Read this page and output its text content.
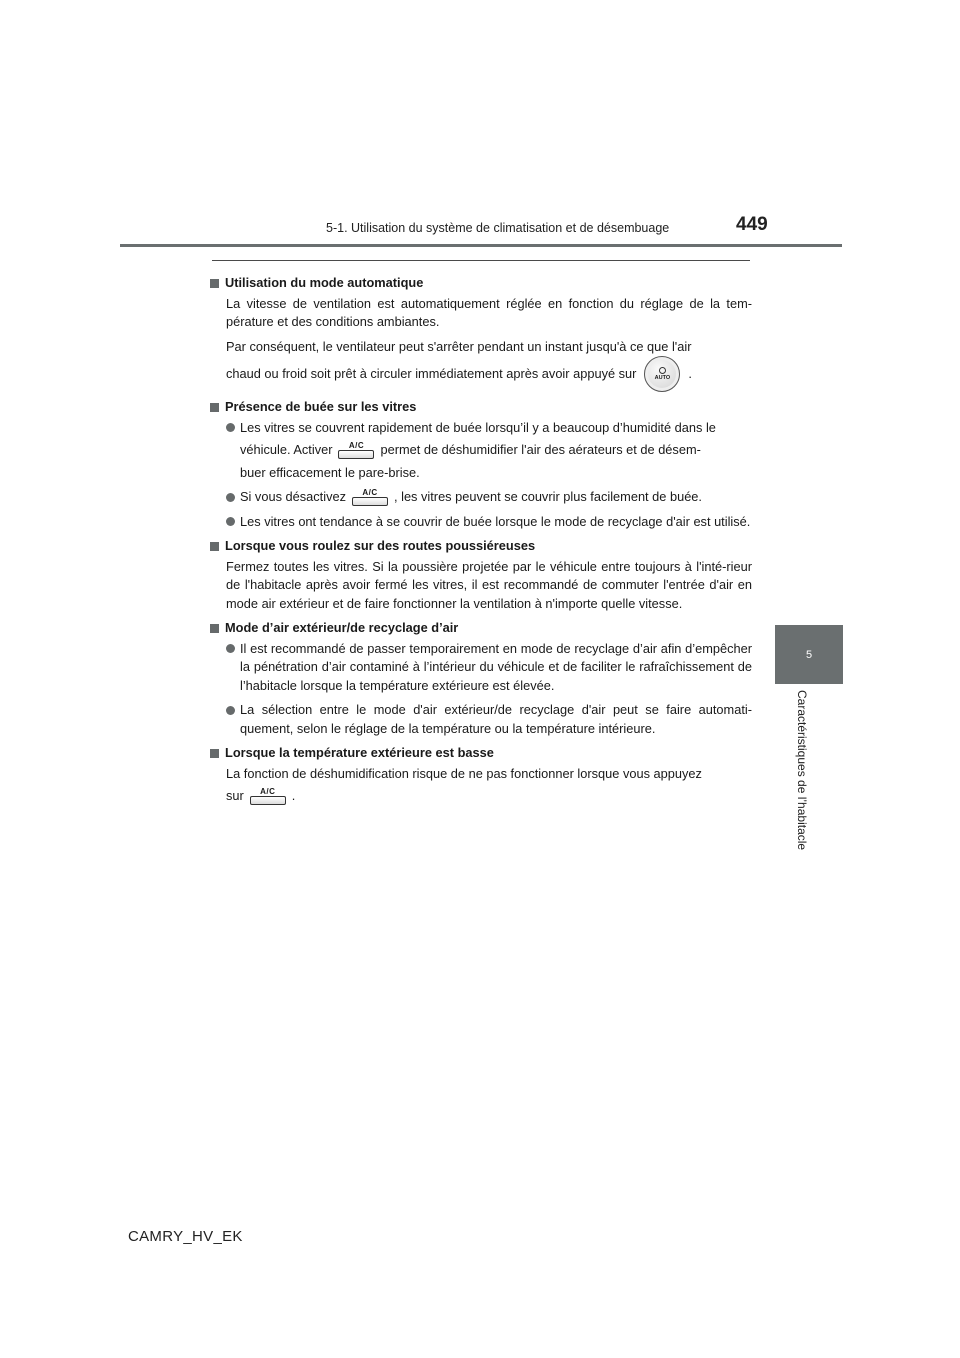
5-1. Utilisation du système de climatisation et de désembuage	449
5
Caractéristiques de l’habitacle
Utilisation du mode automatique

La vitesse de ventilation est automatiquement réglée en fonction du réglage de la tem-pérature et des conditions ambiantes.

Par conséquent, le ventilateur peut s'arrêter pendant un instant jusqu'à ce que l'air

chaud ou froid soit prêt à circuler immédiatement après avoir appuyé sur	AUTO .
Présence de buée sur les vitres
Les vitres se couvrent rapidement de buée lorsqu’il y a beaucoup d’humidité dans le
véhicule. Activer A/C permet de déshumidifier l'air des aérateurs et de désem-
buer efficacement le pare-brise.
Si vous désactivez A/C , les vitres peuvent se couvrir plus facilement de buée.
Les vitres ont tendance à se couvrir de buée lorsque le mode de recyclage d'air est utilisé.
Lorsque vous roulez sur des routes poussiéreuses

Fermez toutes les vitres. Si la poussière projetée par le véhicule entre toujours à l'inté-rieur de l'habitacle après avoir fermé les vitres, il est recommandé de commuter l'entrée d'air en mode air extérieur et de faire fonctionner la ventilation à n'importe quelle vitesse.

Mode d’air extérieur/de recyclage d’air
Il est recommandé de passer temporairement en mode de recyclage d’air afin d’empêcher la pénétration d’air contaminé à l’intérieur du véhicule et de faciliter le rafraîchissement de l’habitacle lorsque la température extérieure est élevée.
La sélection entre le mode d'air extérieur/de recyclage d'air peut se faire automati-quement, selon le réglage de la température ou la température intérieure.
Lorsque la température extérieure est basse

La fonction de déshumidification risque de ne pas fonctionner lorsque vous appuyez

sur A/C .
CAMRY_HV_EK
